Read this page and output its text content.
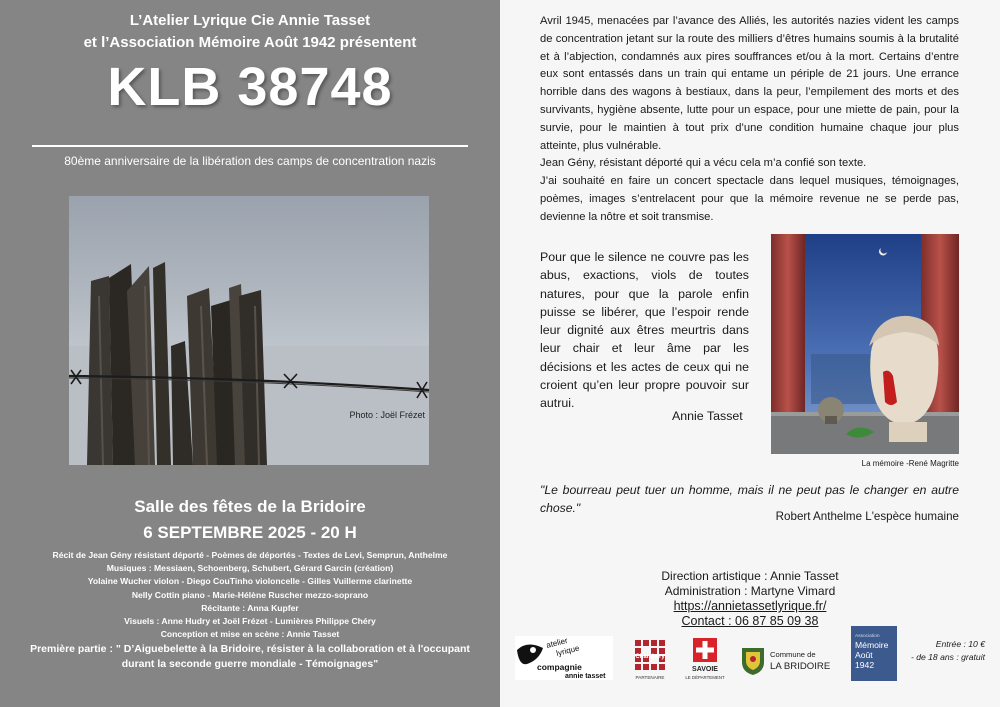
L’Atelier Lyrique Cie Annie Tasset
et l’Association Mémoire Août 1942 présentent
KLB 38748
80ème anniversaire de la libération des camps de concentration nazis
Photo : Joël Frézet
Salle des fêtes de la Bridoire
6 SEPTEMBRE 2025 - 20 H
Récit de Jean Gény résistant déporté - Poèmes de déportés - Textes de Levi, Semprun, Anthelme
Musiques : Messiaen, Schoenberg, Schubert, Gérard Garcin (création)
Yolaine Wucher violon - Diego CouTinho violoncelle - Gilles Vuillerme clarinette
Nelly Cottin piano - Marie-Hélène Ruscher mezzo-soprano
Récitante : Anna Kupfer
Visuels : Anne Hudry et Joël Frézet - Lumières Philippe Chéry
Conception et mise en scène : Annie Tasset
Première partie : " D’Aiguebelette à la Bridoire, résister à la collaboration et à l'occupant
durant la seconde guerre mondiale - Témoignages"

Avril 1945, menacées par l’avance des Alliés, les autorités nazies vident les camps de concentration jetant sur la route des milliers d’êtres humains soumis à la brutalité et à l’abjection, condamnés aux pires souffrances et/ou à la mort. Certains d’entre eux sont entassés dans un train qui entame un périple de 21 jours. Une errance horrible dans des wagons à bestiaux, dans la peur, l’empilement des morts et des survivants, hygiène absente, lutte pour un espace, pour une miette de pain, pour la survie, pour le maintien à tout prix d’une condition humaine chaque jour plus atteinte, plus vulnérable.

Jean Gény, résistant déporté qui a vécu cela m’a confié son texte.

J’ai souhaité en faire un concert spectacle dans lequel musiques, témoignages, poèmes, images s’entrelacent pour que la mémoire revenue ne se perde pas, devienne la nôtre et soit transmise.

Pour que le silence ne couvre pas les abus, exactions, viols de toutes natures, pour que la parole enfin puisse se libérer, que l’espoir rende leur dignité aux êtres meurtris dans leur chair et leur âme par les décisions et les actes de ceux qui ne croient qu’en leur propre pouvoir sur autrui.
Annie Tasset
La mémoire -René Magritte
"Le bourreau peut tuer un homme, mais il ne peut pas le changer en autre chose."
Robert Anthelme L'espèce humaine
Direction artistique : Annie Tasset
Administration : Martyne Vimard
https://annietassetlyrique.fr/
Contact : 06 87 85 09 38
atelier
lyrique
compagnie
annie tasset
Chambéry
PARTENAIRE
SAVOIE
LE DÉPARTEMENT
Commune de
LA BRIDOIRE
Association
Mémoire
Août
1942
Entrée : 10 €
- de 18 ans : gratuit
